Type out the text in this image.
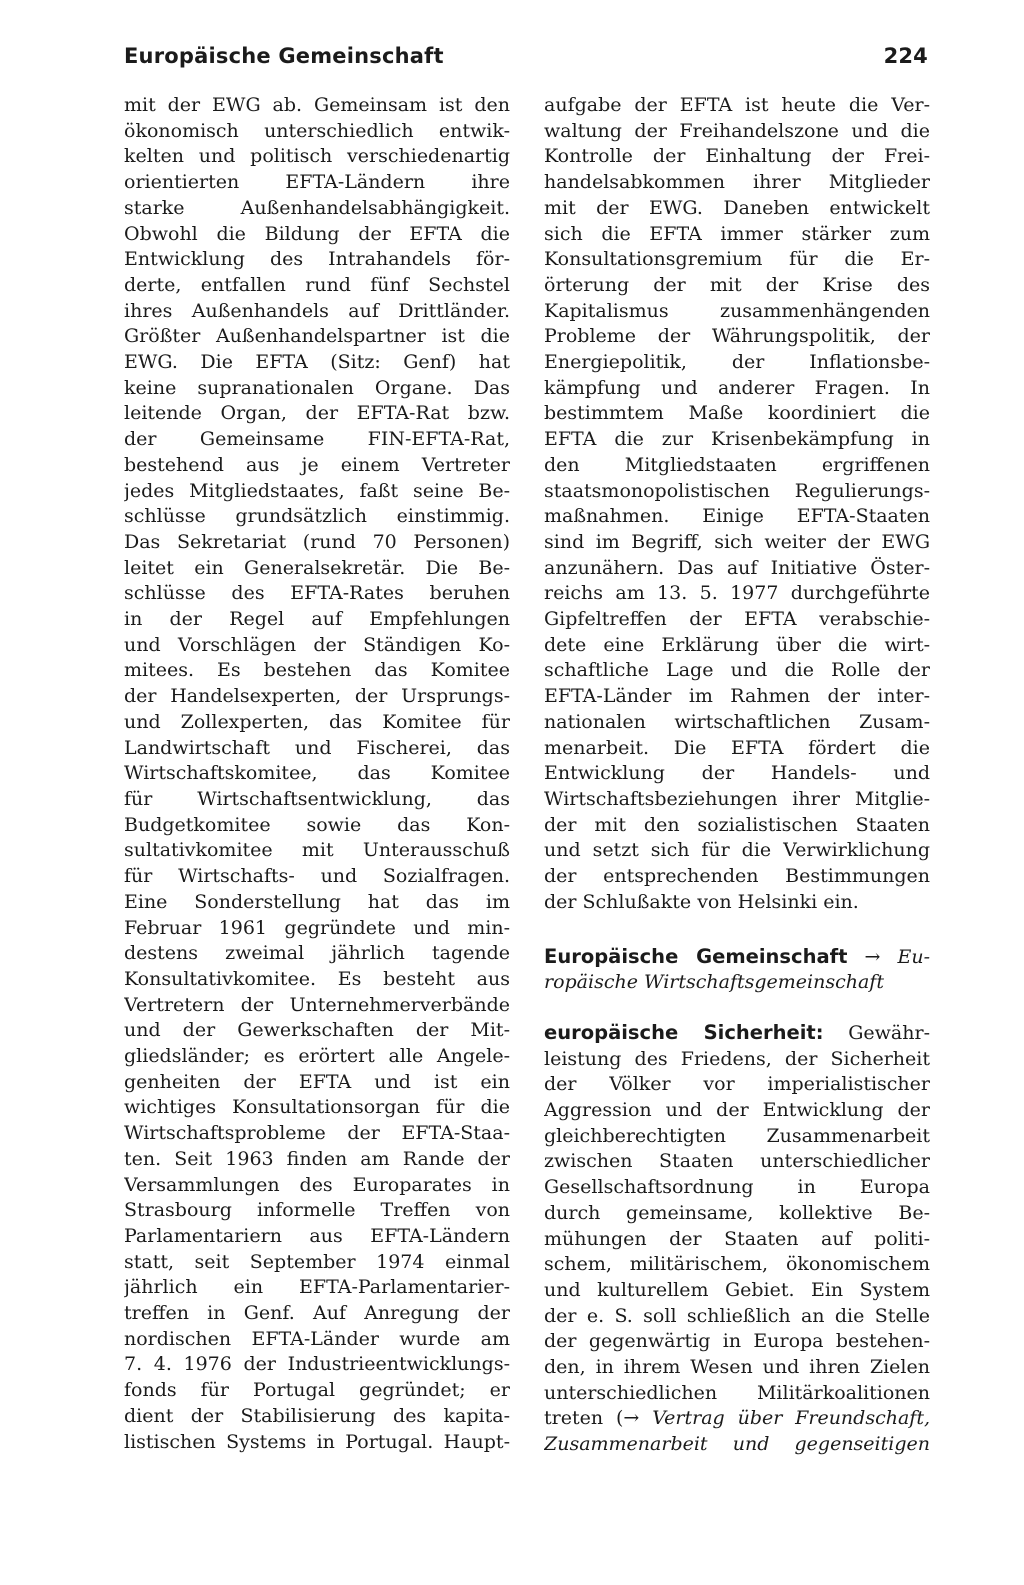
Europäische Gemeinschaft	224
mit der EWG ab. Gemeinsam ist den
ökonomisch unterschiedlich entwik-
kelten und politisch verschiedenartig
orientierten EFTA-Ländern ihre
starke Außenhandelsabhängigkeit.
Obwohl die Bildung der EFTA die
Entwicklung des Intrahandels för-
derte, entfallen rund fünf Sechstel
ihres Außenhandels auf Drittländer.
Größter Außenhandelspartner ist die
EWG. Die EFTA (Sitz: Genf) hat
keine supranationalen Organe. Das
leitende Organ, der EFTA-Rat bzw.
der Gemeinsame FIN-EFTA-Rat,
bestehend aus je einem Vertreter
jedes Mitgliedstaates, faßt seine Be-
schlüsse grundsätzlich einstimmig.
Das Sekretariat (rund 70 Personen)
leitet ein Generalsekretär. Die Be-
schlüsse des EFTA-Rates beruhen
in der Regel auf Empfehlungen
und Vorschlägen der Ständigen Ko-
mitees. Es bestehen das Komitee
der Handelsexperten, der Ursprungs-
und Zollexperten, das Komitee für
Landwirtschaft und Fischerei, das
Wirtschaftskomitee, das Komitee
für Wirtschaftsentwicklung, das
Budgetkomitee sowie das Kon-
sultativkomitee mit Unterausschuß
für Wirtschafts- und Sozialfragen.
Eine Sonderstellung hat das im
Februar 1961 gegründete und min-
destens zweimal jährlich tagende
Konsultativkomitee. Es besteht aus
Vertretern der Unternehmerverbände
und der Gewerkschaften der Mit-
gliedsländer; es erörtert alle Angele-
genheiten der EFTA und ist ein
wichtiges Konsultationsorgan für die
Wirtschaftsprobleme der EFTA-Staa-
ten. Seit 1963 finden am Rande der
Versammlungen des Europarates in
Strasbourg informelle Treffen von
Parlamentariern aus EFTA-Ländern
statt, seit September 1974 einmal
jährlich ein EFTA-Parlamentarier-
treffen in Genf. Auf Anregung der
nordischen EFTA-Länder wurde am
7. 4. 1976 der Industrieentwicklungs-
fonds für Portugal gegründet; er
dient der Stabilisierung des kapita-
listischen Systems in Portugal. Haupt-
aufgabe der EFTA ist heute die Ver-
waltung der Freihandelszone und die
Kontrolle der Einhaltung der Frei-
handelsabkommen ihrer Mitglieder
mit der EWG. Daneben entwickelt
sich die EFTA immer stärker zum
Konsultationsgremium für die Er-
örterung der mit der Krise des
Kapitalismus zusammenhängenden
Probleme der Währungspolitik, der
Energiepolitik, der Inflationsbe-
kämpfung und anderer Fragen. In
bestimmtem Maße koordiniert die
EFTA die zur Krisenbekämpfung in
den Mitgliedstaaten ergriffenen
staatsmonopolistischen Regulierungs-
maßnahmen. Einige EFTA-Staaten
sind im Begriff, sich weiter der EWG
anzunähern. Das auf Initiative Öster-
reichs am 13. 5. 1977 durchgeführte
Gipfeltreffen der EFTA verabschie-
dete eine Erklärung über die wirt-
schaftliche Lage und die Rolle der
EFTA-Länder im Rahmen der inter-
nationalen wirtschaftlichen Zusam-
menarbeit. Die EFTA fördert die
Entwicklung der Handels- und
Wirtschaftsbeziehungen ihrer Mitglie-
der mit den sozialistischen Staaten
und setzt sich für die Verwirklichung
der entsprechenden Bestimmungen
der Schlußakte von Helsinki ein.
Europäische Gemeinschaft → Eu-
ropäische Wirtschaftsgemeinschaft
europäische Sicherheit: Gewähr-
leistung des Friedens, der Sicherheit
der Völker vor imperialistischer
Aggression und der Entwicklung der
gleichberechtigten Zusammenarbeit
zwischen Staaten unterschiedlicher
Gesellschaftsordnung in Europa
durch gemeinsame, kollektive Be-
mühungen der Staaten auf politi-
schem, militärischem, ökonomischem
und kulturellem Gebiet. Ein System
der e. S. soll schließlich an die Stelle
der gegenwärtig in Europa bestehen-
den, in ihrem Wesen und ihren Zielen
unterschiedlichen Militärkoalitionen
treten (→ Vertrag über Freundschaft,
Zusammenarbeit und gegenseitigen
